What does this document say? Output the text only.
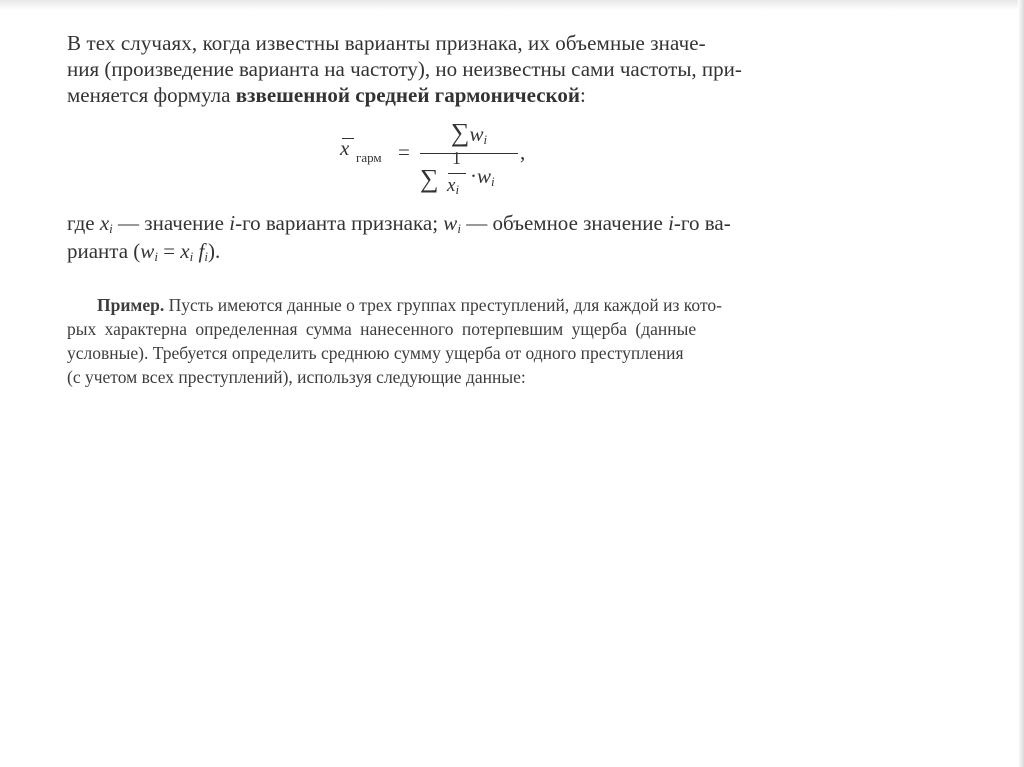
В тех случаях, когда известны варианты признака, их объемные значе-
ния (произведение варианта на частоту), но неизвестны сами частоты, при-
меняется формула взвешенной средней гармонической:
x гарм =
$\sum w_i$
,
∑
1
$x_i$
$\cdot w_i$
где $x_i$ — значение i-го варианта признака; $w_i$ — объемное значение i-го ва-
рианта ($w_i = x_i$ $f_i$).
Пример. Пусть имеются данные о трех группах преступлений, для каждой из кото-
рых характерна определенная сумма нанесенного потерпевшим ущерба (данные
условные). Требуется определить среднюю сумму ущерба от одного преступления
(с учетом всех преступлений), используя следующие данные:
